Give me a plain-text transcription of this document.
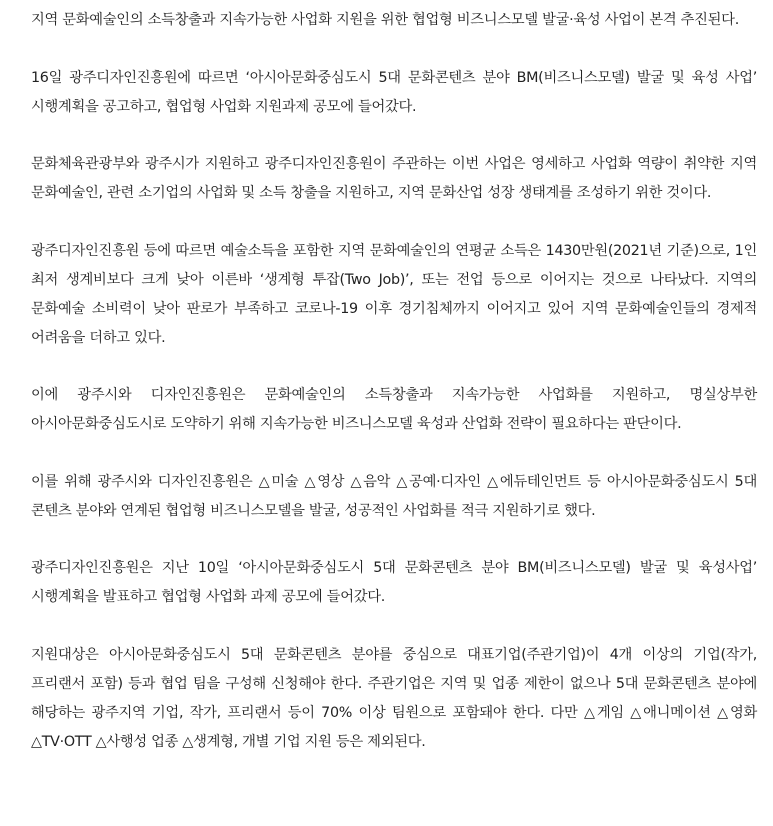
지역 문화예술인의 소득창출과 지속가능한 사업화 지원을 위한 협업형 비즈니스모델 발굴·육성 사업이 본격 추진된다.

16일 광주디자인진흥원에 따르면 ‘아시아문화중심도시 5대 문화콘텐츠 분야 BM(비즈니스모델) 발굴 및 육성 사업’ 시행계획을 공고하고, 협업형 사업화 지원과제 공모에 들어갔다.

문화체육관광부와 광주시가 지원하고 광주디자인진흥원이 주관하는 이번 사업은 영세하고 사업화 역량이 취약한 지역 문화예술인, 관련 소기업의 사업화 및 소득 창출을 지원하고, 지역 문화산업 성장 생태계를 조성하기 위한 것이다.

광주디자인진흥원 등에 따르면 예술소득을 포함한 지역 문화예술인의 연평균 소득은 1430만원(2021년 기준)으로, 1인 최저 생계비보다 크게 낮아 이른바 ‘생계형 투잡(Two Job)’, 또는 전업 등으로 이어지는 것으로 나타났다. 지역의 문화예술 소비력이 낮아 판로가 부족하고 코로나-19 이후 경기침체까지 이어지고 있어 지역 문화예술인들의 경제적 어려움을 더하고 있다.

이에 광주시와 디자인진흥원은 문화예술인의 소득창출과 지속가능한 사업화를 지원하고, 명실상부한 아시아문화중심도시로 도약하기 위해 지속가능한 비즈니스모델 육성과 산업화 전략이 필요하다는 판단이다.

이를 위해 광주시와 디자인진흥원은 △미술 △영상 △음악 △공예·디자인 △에듀테인먼트 등 아시아문화중심도시 5대 콘텐츠 분야와 연계된 협업형 비즈니스모델을 발굴, 성공적인 사업화를 적극 지원하기로 했다.

광주디자인진흥원은 지난 10일 ‘아시아문화중심도시 5대 문화콘텐츠 분야 BM(비즈니스모델) 발굴 및 육성사업’ 시행계획을 발표하고 협업형 사업화 과제 공모에 들어갔다.

지원대상은 아시아문화중심도시 5대 문화콘텐츠 분야를 중심으로 대표기업(주관기업)이 4개 이상의 기업(작가, 프리랜서 포함) 등과 협업 팀을 구성해 신청해야 한다. 주관기업은 지역 및 업종 제한이 없으나 5대 문화콘텐츠 분야에 해당하는 광주지역 기업, 작가, 프리랜서 등이 70% 이상 팀원으로 포함돼야 한다. 다만 △게임 △애니메이션 △영화 △TV·OTT △사행성 업종 △생계형, 개별 기업 지원 등은 제외된다.
